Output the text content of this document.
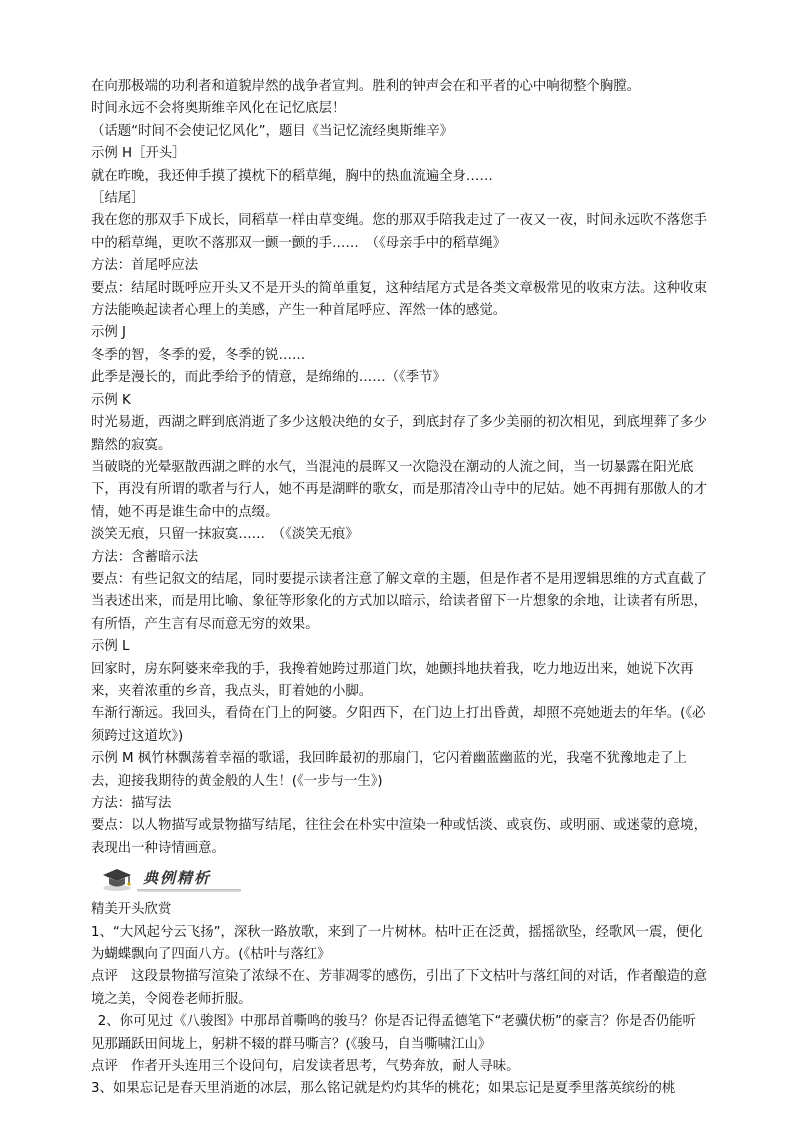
在向那极端的功利者和道貌岸然的战争者宣判。胜利的钟声会在和平者的心中响彻整个胸膛。

时间永远不会将奥斯维辛风化在记忆底层！

（话题“时间不会使记忆风化”，题目《当记忆流经奥斯维辛》

示例 H［开头］

就在昨晚，我还伸手摸了摸枕下的稻草绳，胸中的热血流遍全身……

［结尾］

我在您的那双手下成长，同稻草一样由草变绳。您的那双手陪我走过了一夜又一夜，时间永远吹不落您手中的稻草绳，更吹不落那双一颤一颤的手……　（《母亲手中的稻草绳》

方法：首尾呼应法

要点：结尾时既呼应开头又不是开头的简单重复，这种结尾方式是各类文章极常见的收束方法。这种收束方法能唤起读者心理上的美感，产生一种首尾呼应、浑然一体的感觉。

示例 J

冬季的智，冬季的爱，冬季的锐……

此季是漫长的，而此季给予的情意，是绵绵的……（《季节》

示例 K

时光易逝，西湖之畔到底消逝了多少这般决绝的女子，到底封存了多少美丽的初次相见，到底埋葬了多少黯然的寂寞。

当破晓的光晕驱散西湖之畔的水气，当混沌的晨晖又一次隐没在潮动的人流之间，当一切暴露在阳光底下，再没有所谓的歌者与行人，她不再是湖畔的歌女，而是那清冷山寺中的尼姑。她不再拥有那傲人的才情，她不再是谁生命中的点缀。

淡笑无痕，只留一抹寂寞……　（《淡笑无痕》

方法：含蓄暗示法

要点：有些记叙文的结尾，同时要提示读者注意了解文章的主题，但是作者不是用逻辑思维的方式直截了当表述出来，而是用比喻、象征等形象化的方式加以暗示，给读者留下一片想象的余地，让读者有所思，有所悟，产生言有尽而意无穷的效果。

示例 L

回家时，房东阿婆来牵我的手，我搀着她跨过那道门坎，她颤抖地扶着我，吃力地迈出来，她说下次再来，夹着浓重的乡音，我点头，盯着她的小脚。

车渐行渐远。我回头，看倚在门上的阿婆。夕阳西下，在门边上打出昏黄，却照不亮她逝去的年华。(《必须跨过这道坎》)

示例 M 枫竹林飘荡着幸福的歌谣，我回眸最初的那扇门，它闪着幽蓝幽蓝的光，我毫不犹豫地走了上去，迎接我期待的黄金般的人生！(《一步与一生》)

方法：描写法

要点：以人物描写或景物描写结尾，往往会在朴实中渲染一种或恬淡、或哀伤、或明丽、或迷蒙的意境，表现出一种诗情画意。

典例精析

精美开头欣赏

1、“大风起兮云飞扬”，深秋一路放歌，来到了一片树林。枯叶正在泛黄，摇摇欲坠，经歌风一震，便化为蝴蝶飘向了四面八方。(《枯叶与落红》

点评　这段景物描写渲染了浓绿不在、芳菲凋零的感伤，引出了下文枯叶与落红间的对话，作者酿造的意境之美，令阅卷老师折服。

2、你可见过《八骏图》中那昂首嘶鸣的骏马？你是否记得孟德笔下“老骥伏枥”的豪言？你是否仍能听见那踊跃田间垅上，躬耕不辍的群马嘶言？(《骏马，自当嘶啸江山》

点评　作者开头连用三个设问句，启发读者思考，气势奔放，耐人寻味。

3、如果忘记是春天里消逝的冰层，那么铭记就是灼灼其华的桃花；如果忘记是夏季里落英缤纷的桃
